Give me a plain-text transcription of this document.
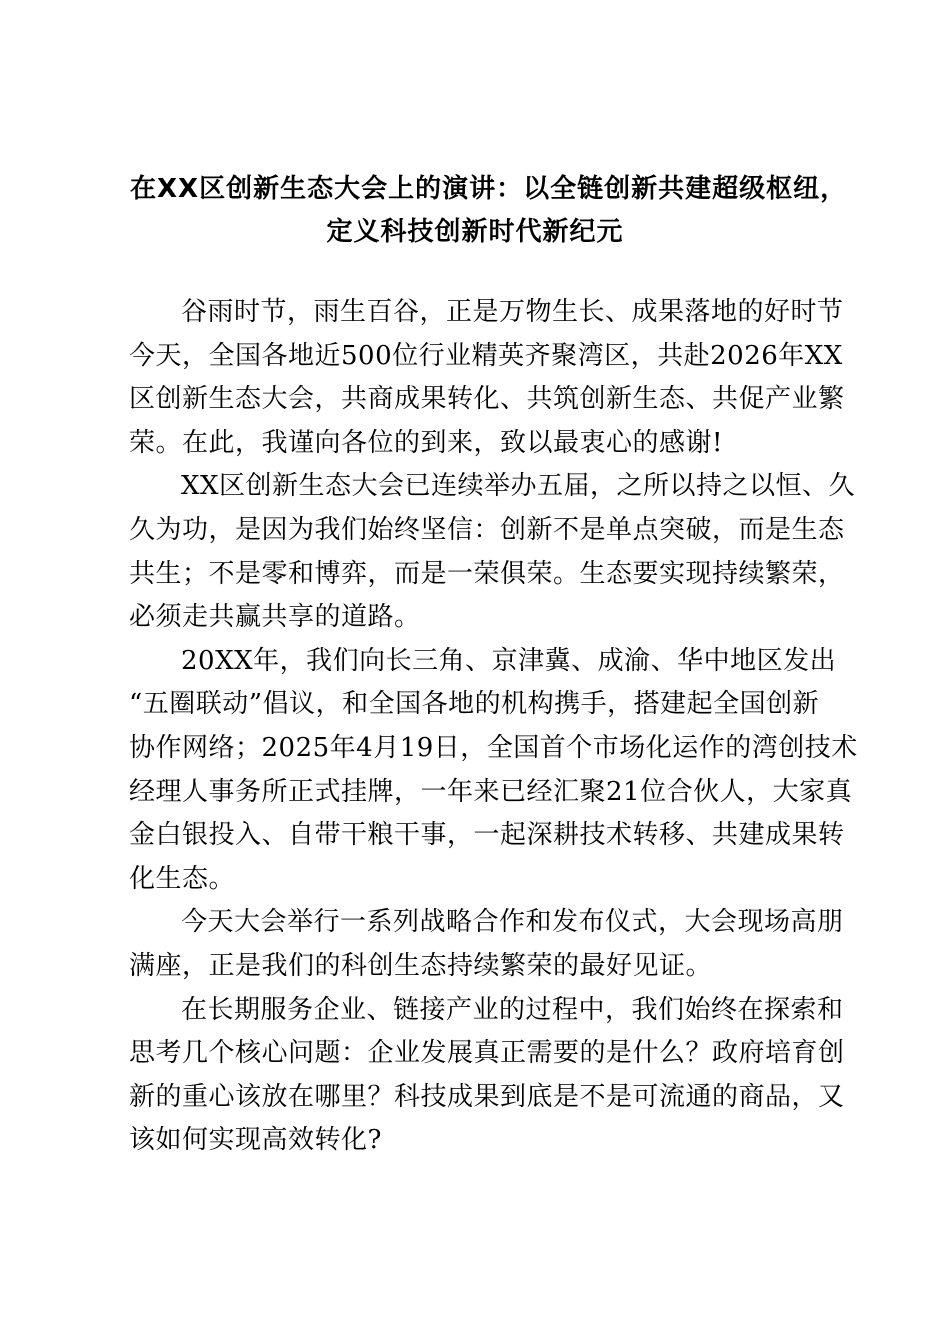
在XX区创新生态大会上的演讲：以全链创新共建超级枢纽，
定义科技创新时代新纪元
谷雨时节，雨生百谷，正是万物生长、成果落地的好时节
今天，全国各地近500位行业精英齐聚湾区，共赴2026年XX
区创新生态大会，共商成果转化、共筑创新生态、共促产业繁
荣。在此，我谨向各位的到来，致以最衷心的感谢!
XX区创新生态大会已连续举办五届，之所以持之以恒、久
久为功，是因为我们始终坚信：创新不是单点突破，而是生态
共生；不是零和博弈，而是一荣俱荣。生态要实现持续繁荣，
必须走共赢共享的道路。
20XX年，我们向长三角、京津冀、成渝、华中地区发出
“五圈联动”倡议，和全国各地的机构携手，搭建起全国创新
协作网络；2025年4月19日，全国首个市场化运作的湾创技术
经理人事务所正式挂牌，一年来已经汇聚21位合伙人，大家真
金白银投入、自带干粮干事，一起深耕技术转移、共建成果转
化生态。
今天大会举行一系列战略合作和发布仪式，大会现场高朋
满座，正是我们的科创生态持续繁荣的最好见证。
在长期服务企业、链接产业的过程中，我们始终在探索和
思考几个核心问题：企业发展真正需要的是什么？政府培育创
新的重心该放在哪里？科技成果到底是不是可流通的商品，又
该如何实现高效转化?
